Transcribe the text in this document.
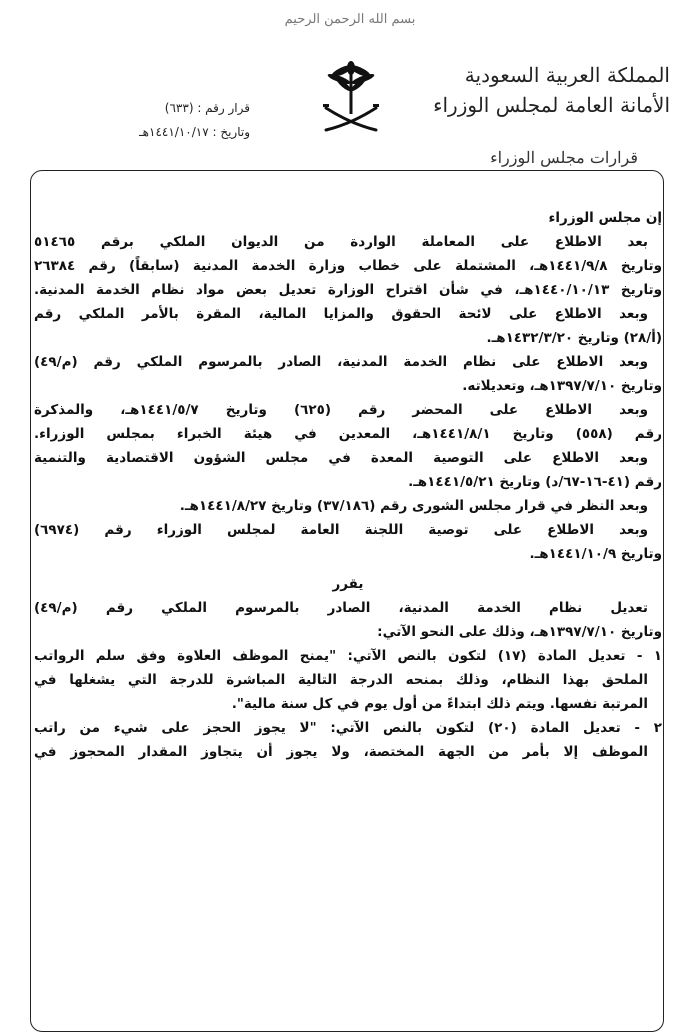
بسم الله الرحمن الرحيم
المملكة العربية السعودية
الأمانة العامة لمجلس الوزراء
قرارات مجلس الوزراء
قرار رقم : (٦٣٣)
وتاريخ : ١٤٤١/١٠/١٧هـ
إن مجلس الوزراء
بعد الاطلاع على المعاملة الواردة من الديوان الملكي برقم ٥١٤٦٥
وتاريخ ١٤٤١/٩/٨هـ، المشتملة على خطاب وزارة الخدمة المدنية (سابقاً) رقم ٢٦٣٨٤
وتاريخ ١٤٤٠/١٠/١٣هـ، في شأن اقتراح الوزارة تعديل بعض مواد نظام الخدمة المدنية.
وبعد الاطلاع على لائحة الحقوق والمزايا المالية، المقرة بالأمر الملكي رقم
(أ/٢٨) وتاريخ ١٤٣٢/٣/٢٠هـ.
وبعد الاطلاع على نظام الخدمة المدنية، الصادر بالمرسوم الملكي رقم (م/٤٩)
وتاريخ ١٣٩٧/٧/١٠هـ، وتعديلاته.
وبعد الاطلاع على المحضر رقم (٦٢٥) وتاريخ ١٤٤١/٥/٧هـ، والمذكرة
رقم (٥٥٨) وتاريخ ١٤٤١/٨/١هـ، المعدين في هيئة الخبراء بمجلس الوزراء.
وبعد الاطلاع على التوصية المعدة في مجلس الشؤون الاقتصادية والتنمية
رقم (٤١-١٦-٦٧/د) وتاريخ ١٤٤١/٥/٢١هـ.
وبعد النظر في قرار مجلس الشورى رقم (٣٧/١٨٦) وتاريخ ١٤٤١/٨/٢٧هـ.
وبعد الاطلاع على توصية اللجنة العامة لمجلس الوزراء رقم (٦٩٧٤)
وتاريخ ١٤٤١/١٠/٩هـ.
يقرر
تعديل نظام الخدمة المدنية، الصادر بالمرسوم الملكي رقم (م/٤٩)
وتاريخ ١٣٩٧/٧/١٠هـ، وذلك على النحو الآتي:
١ - تعديل المادة (١٧) لتكون بالنص الآتي: "يمنح الموظف العلاوة وفق سلم الرواتب
الملحق بهذا النظام، وذلك بمنحه الدرجة التالية المباشرة للدرجة التي يشغلها في
المرتبة نفسها. ويتم ذلك ابتداءً من أول يوم في كل سنة مالية".
٢ - تعديل المادة (٢٠) لتكون بالنص الآتي: "لا يجوز الحجز على شيء من راتب
الموظف إلا بأمر من الجهة المختصة، ولا يجوز أن يتجاوز المقدار المحجوز في
